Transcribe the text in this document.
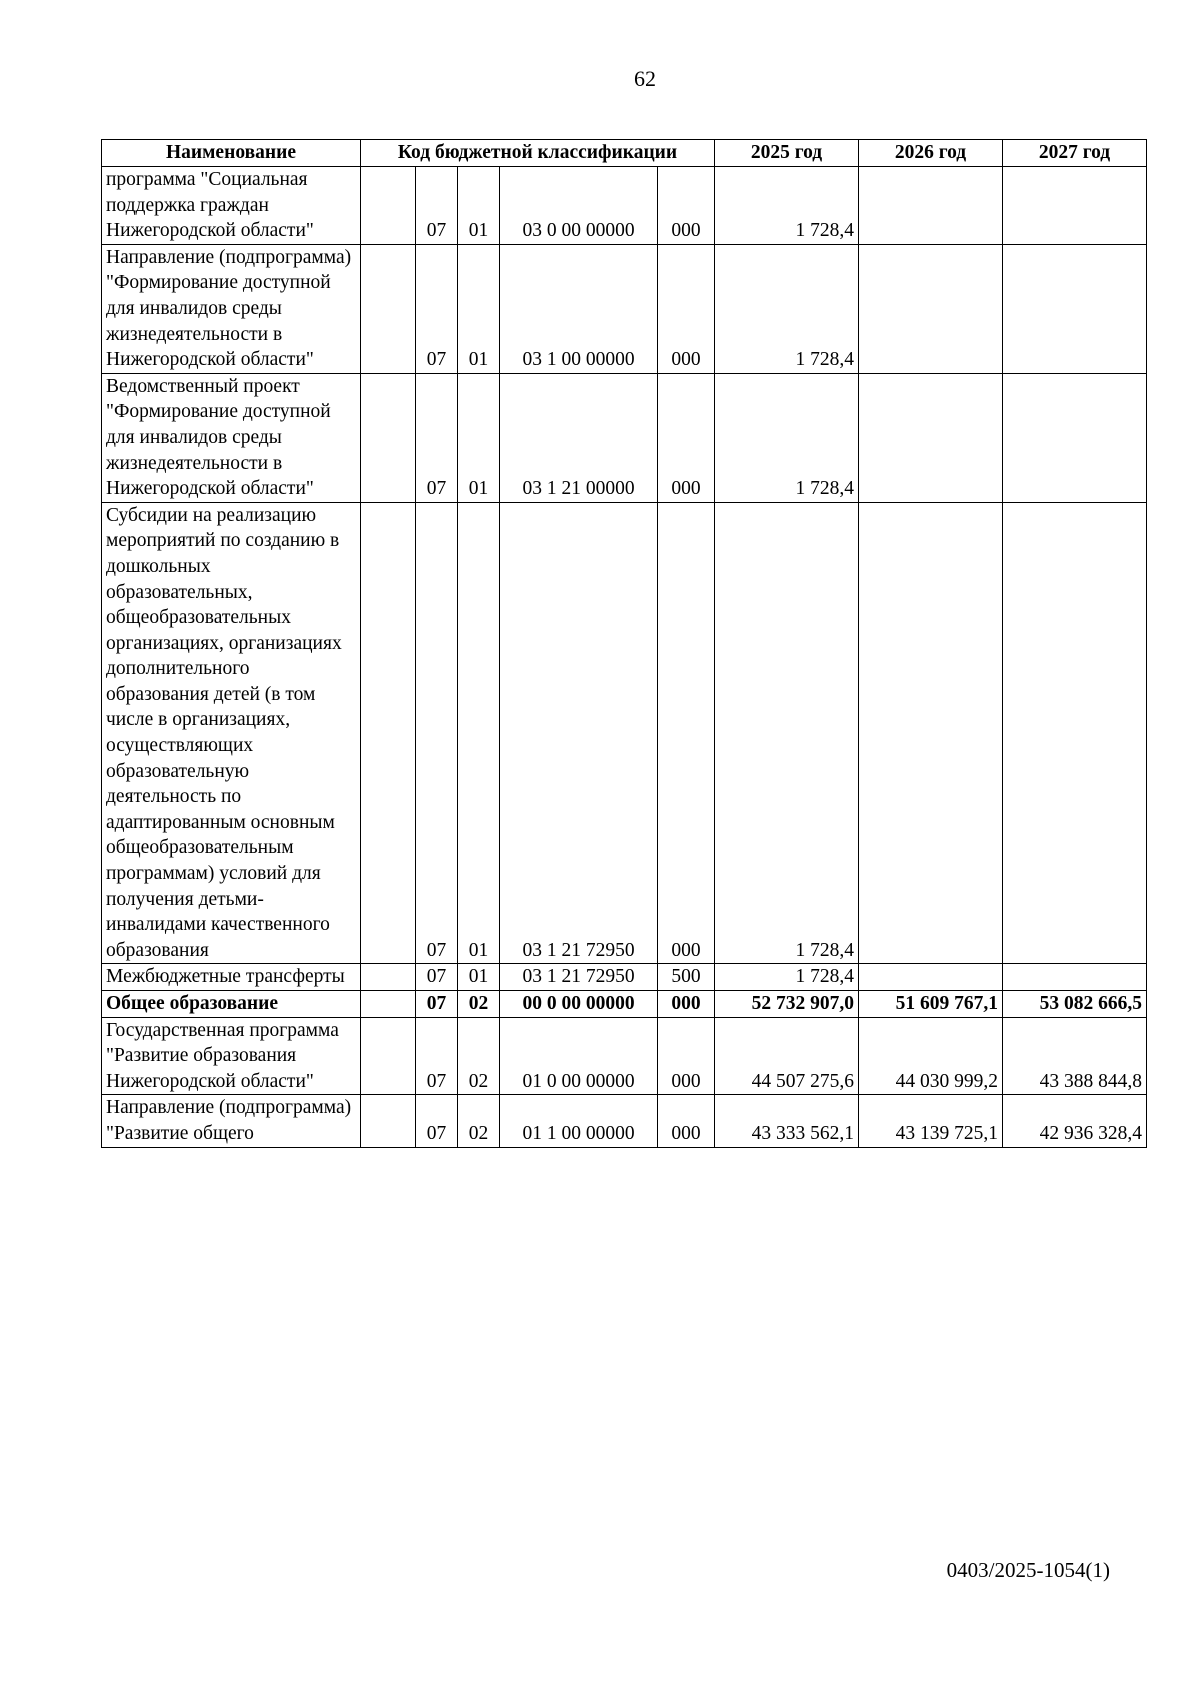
62
Наименование	Код бюджетной классификации					2025 год	2026 год	2027 год
программа "Социальная поддержка граждан Нижегородской области"		07	01	03 0 00 00000	000	1 728,4		
Направление (подпрограмма) "Формирование доступной для инвалидов среды жизнедеятельности в Нижегородской области"		07	01	03 1 00 00000	000	1 728,4		
Ведомственный проект "Формирование доступной для инвалидов среды жизнедеятельности в Нижегородской области"		07	01	03 1 21 00000	000	1 728,4		
Субсидии на реализацию мероприятий по созданию в дошкольных образовательных, общеобразовательных организациях, организациях дополнительного образования детей (в том числе в организациях, осуществляющих образовательную деятельность по адаптированным основным общеобразовательным программам) условий для получения детьми-инвалидами качественного образования		07	01	03 1 21 72950	000	1 728,4		
Межбюджетные трансферты		07	01	03 1 21 72950	500	1 728,4		
Общее образование		07	02	00 0 00 00000	000	52 732 907,0	51 609 767,1	53 082 666,5
Государственная программа "Развитие образования Нижегородской области"		07	02	01 0 00 00000	000	44 507 275,6	44 030 999,2	43 388 844,8
Направление (подпрограмма) "Развитие общего		07	02	01 1 00 00000	000	43 333 562,1	43 139 725,1	42 936 328,4
0403/2025-1054(1)
